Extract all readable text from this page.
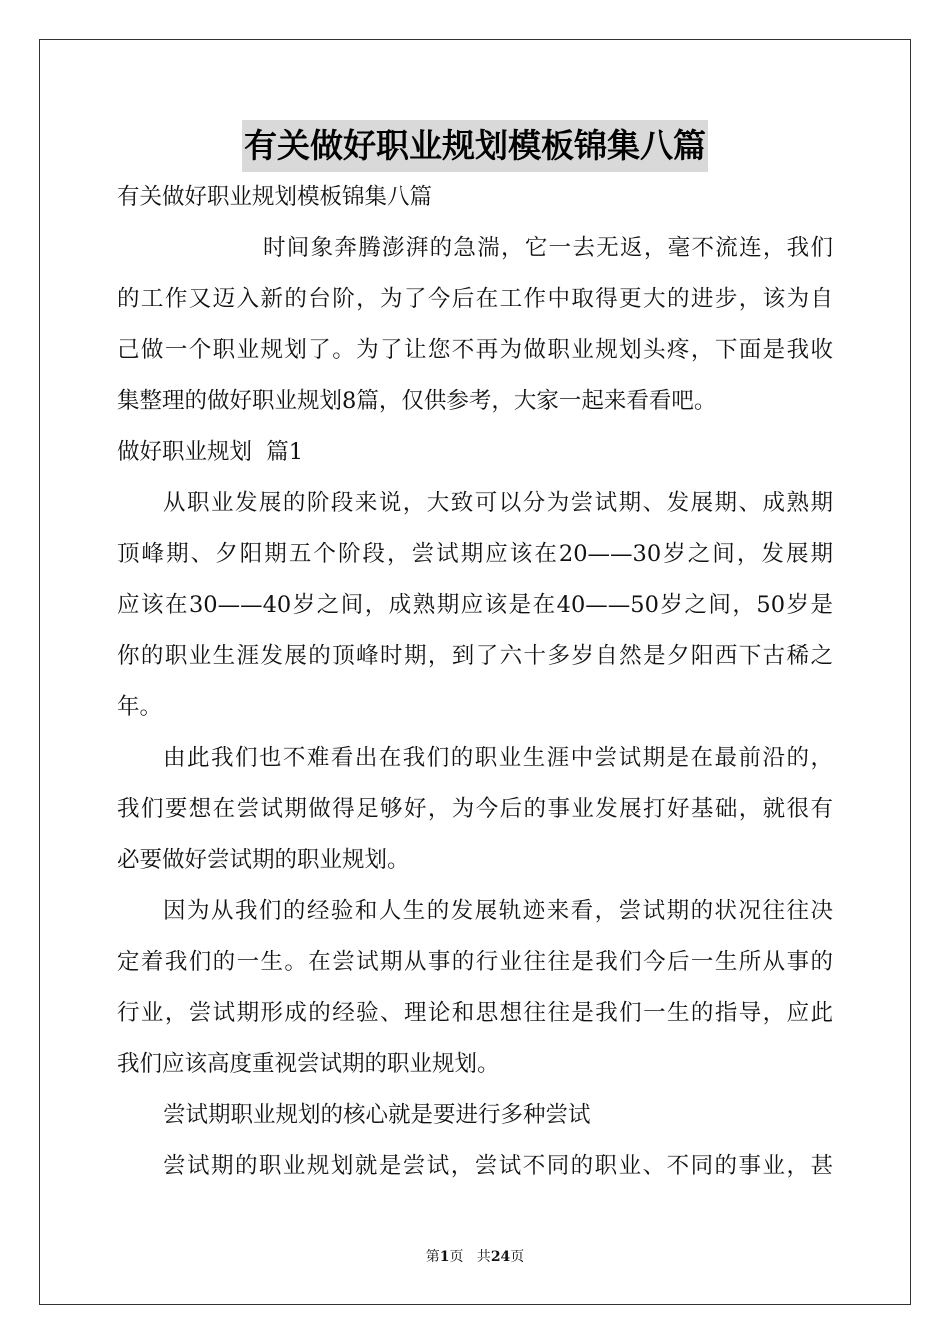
有关做好职业规划模板锦集八篇
有关做好职业规划模板锦集八篇
时间象奔腾澎湃的急湍，它一去无返，毫不流连，我们
的工作又迈入新的台阶，为了今后在工作中取得更大的进步，该为自
己做一个职业规划了。为了让您不再为做职业规划头疼，下面是我收
集整理的做好职业规划8篇，仅供参考，大家一起来看看吧。
做好职业规划  篇1
从职业发展的阶段来说，大致可以分为尝试期、发展期、成熟期
顶峰期、夕阳期五个阶段，尝试期应该在20——30岁之间，发展期
应该在30——40岁之间，成熟期应该是在40——50岁之间，50岁是
你的职业生涯发展的顶峰时期，到了六十多岁自然是夕阳西下古稀之
年。
由此我们也不难看出在我们的职业生涯中尝试期是在最前沿的，
我们要想在尝试期做得足够好，为今后的事业发展打好基础，就很有
必要做好尝试期的职业规划。
因为从我们的经验和人生的发展轨迹来看，尝试期的状况往往决
定着我们的一生。在尝试期从事的行业往往是我们今后一生所从事的
行业，尝试期形成的经验、理论和思想往往是我们一生的指导，应此
我们应该高度重视尝试期的职业规划。
尝试期职业规划的核心就是要进行多种尝试
尝试期的职业规划就是尝试，尝试不同的职业、不同的事业，甚
第1页   共24页
